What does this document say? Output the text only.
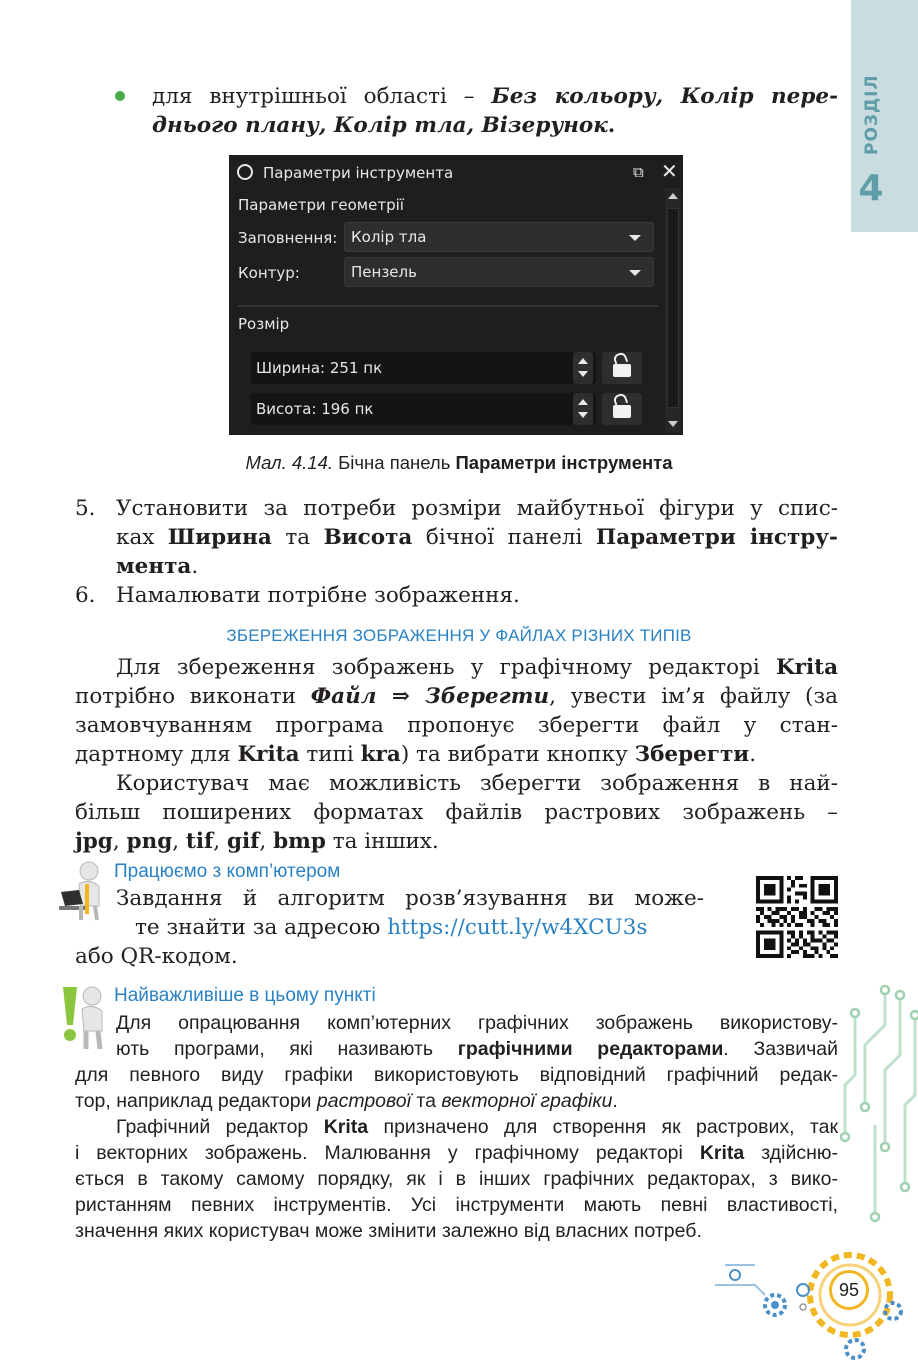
РОЗДІЛ
4
для внутрішньої області – Без кольору, Колір пере-
днього плану, Колір тла, Візерунок.
Параметри інструмента	⧉ ✕
Параметри геометрії
Заповнення: Колір тла
Контур:	Пензель
Розмір
Ширина: 251 пк
Висота: 196 пк
Мал. 4.14. Бічна панель Параметри інструмента
5. Установити за потреби розміри майбутньої фігури у спис-
ках Ширина та Висота бічної панелі Параметри інстру-
мента.
6. Намалювати потрібне зображення.
ЗБЕРЕЖЕННЯ ЗОБРАЖЕННЯ У ФАЙЛАХ РІЗНИХ ТИПІВ
Для збереження зображень у графічному редакторі Krita
потрібно виконати Файл ⇒ Зберегти, увести ім’я файлу (за
замовчуванням програма пропонує зберегти файл у стан-
дартному для Krita типі kra) та вибрати кнопку Зберегти.
Користувач має можливість зберегти зображення в най-
більш поширених форматах файлів растрових зображень –
jpg, png, tif, gif, bmp та інших.
Працюємо з комп’ютером
Завдання й алгоритм розв’язування ви може-
те знайти за адресою https://cutt.ly/w4XCU3s
або QR-кодом.
Найважливіше в цьому пункті
Для опрацювання комп’ютерних графічних зображень використову-
ють програми, які називають графічними редакторами. Зазвичай
для певного виду графіки використовують відповідний графічний редак-
тор, наприклад редактори растрової та векторної графіки.
Графічний редактор Krita призначено для створення як растрових, так
і векторних зображень. Малювання у графічному редакторі Krita здійсню-
ється в такому самому порядку, як і в інших графічних редакторах, з вико-
ристанням певних інструментів. Усі інструменти мають певні властивості,
значення яких користувач може змінити залежно від власних потреб.
95
